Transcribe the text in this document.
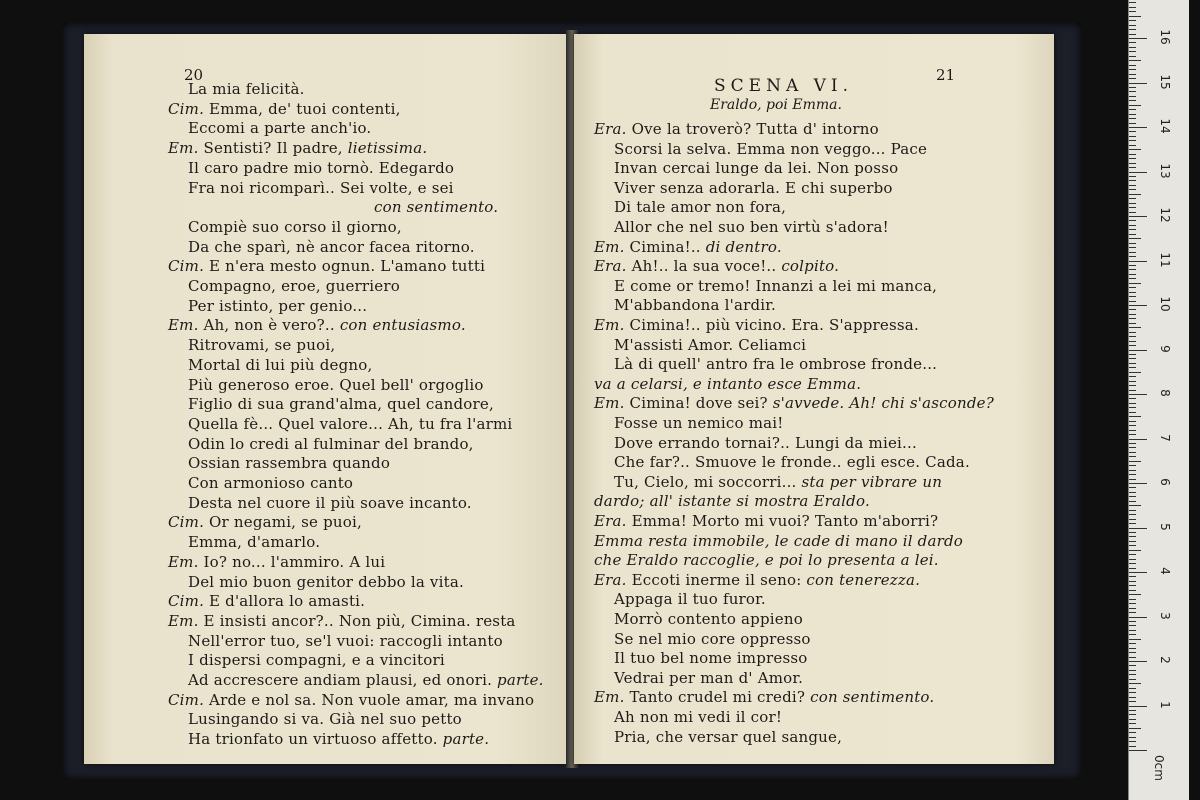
20
La mia felicità.
Cim. Emma, de' tuoi contenti,
Eccomi a parte anch'io.
Em. Sentisti? Il padre, lietissima.
Il caro padre mio tornò. Edegardo
Fra noi ricomparì.. Sei volte, e sei
con sentimento.
Compiè suo corso il giorno,
Da che sparì, nè ancor facea ritorno.
Cim. E n'era mesto ognun. L'amano tutti
Compagno, eroe, guerriero
Per istinto, per genio...
Em. Ah, non è vero?.. con entusiasmo.
Ritrovami, se puoi,
Mortal di lui più degno,
Più generoso eroe. Quel bell' orgoglio
Figlio di sua grand'alma, quel candore,
Quella fè... Quel valore... Ah, tu fra l'armi
Odin lo credi al fulminar del brando,
Ossian rassembra quando
Con armonioso canto
Desta nel cuore il più soave incanto.
Cim. Or negami, se puoi,
Emma, d'amarlo.
Em. Io? no... l'ammiro. A lui
Del mio buon genitor debbo la vita.
Cim. E d'allora lo amasti.
Em. E insisti ancor?.. Non più, Cimina. resta
Nell'error tuo, se'l vuoi: raccogli intanto
I dispersi compagni, e a vincitori
Ad accrescere andiam plausi, ed onori. parte.
Cim. Arde e nol sa. Non vuole amar, ma invano
Lusingando si va. Già nel suo petto
Ha trionfato un virtuoso affetto. parte.
21
SCENA VI.
Eraldo, poi Emma.
Era. Ove la troverò? Tutta d' intorno
Scorsi la selva. Emma non veggo... Pace
Invan cercai lunge da lei. Non posso
Viver senza adorarla. E chi superbo
Di tale amor non fora,
Allor che nel suo ben virtù s'adora!
Em. Cimina!.. di dentro.
Era. Ah!.. la sua voce!.. colpito.
E come or tremo! Innanzi a lei mi manca,
M'abbandona l'ardir.
Em. Cimina!.. più vicino. Era. S'appressa.
M'assisti Amor. Celiamci
Là di quell' antro fra le ombrose fronde...
va a celarsi, e intanto esce Emma.
Em. Cimina! dove sei? s'avvede. Ah! chi s'asconde?
Fosse un nemico mai!
Dove errando tornai?.. Lungi da miei...
Che far?.. Smuove le fronde.. egli esce. Cada.
Tu, Cielo, mi soccorri... sta per vibrare un
dardo; all' istante si mostra Eraldo.
Era. Emma! Morto mi vuoi? Tanto m'aborri?
Emma resta immobile, le cade di mano il dardo
che Eraldo raccoglie, e poi lo presenta a lei.
Era. Eccoti inerme il seno: con tenerezza.
Appaga il tuo furor.
Morrò contento appieno
Se nel mio core oppresso
Il tuo bel nome impresso
Vedrai per man d' Amor.
Em. Tanto crudel mi credi? con sentimento.
Ah non mi vedi il cor!
Pria, che versar quel sangue,
0cm
1
2
3
4
5
6
7
8
9
10
11
12
13
14
15
16
